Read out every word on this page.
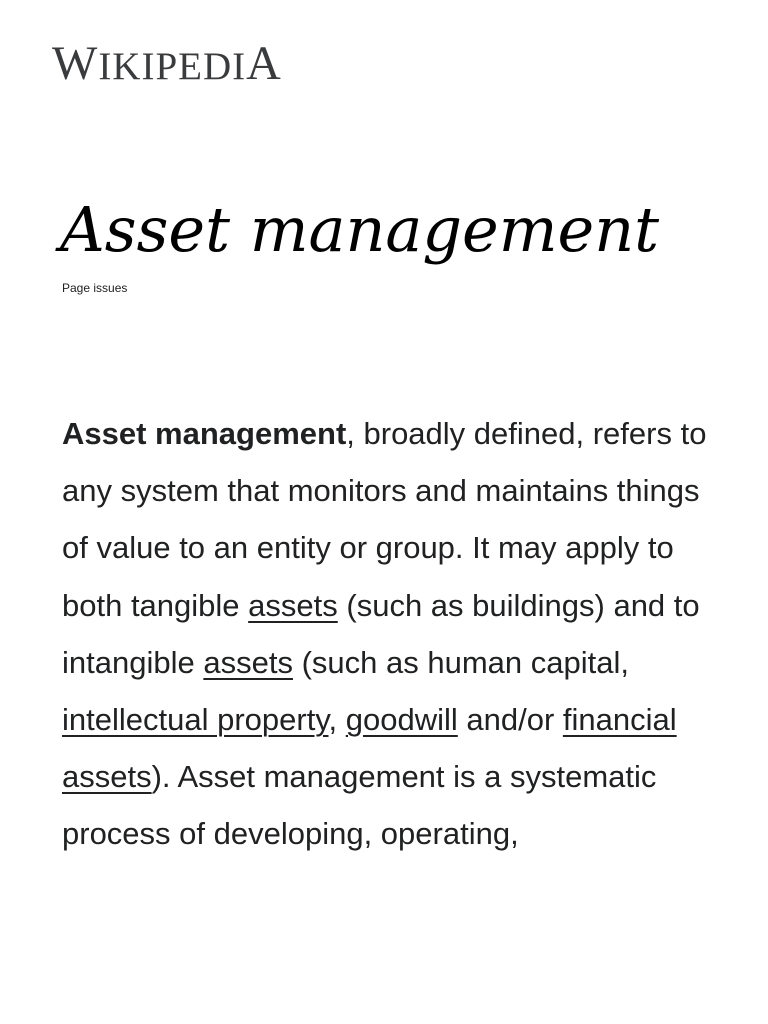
WIKIPEDIA
Asset management
Page issues

Asset management, broadly defined, refers to any system that monitors and maintains things of value to an entity or group. It may apply to both tangible assets (such as buildings) and to intangible assets (such as human capital, intellectual property, goodwill and/or financial assets). Asset management is a systematic process of developing, operating,
